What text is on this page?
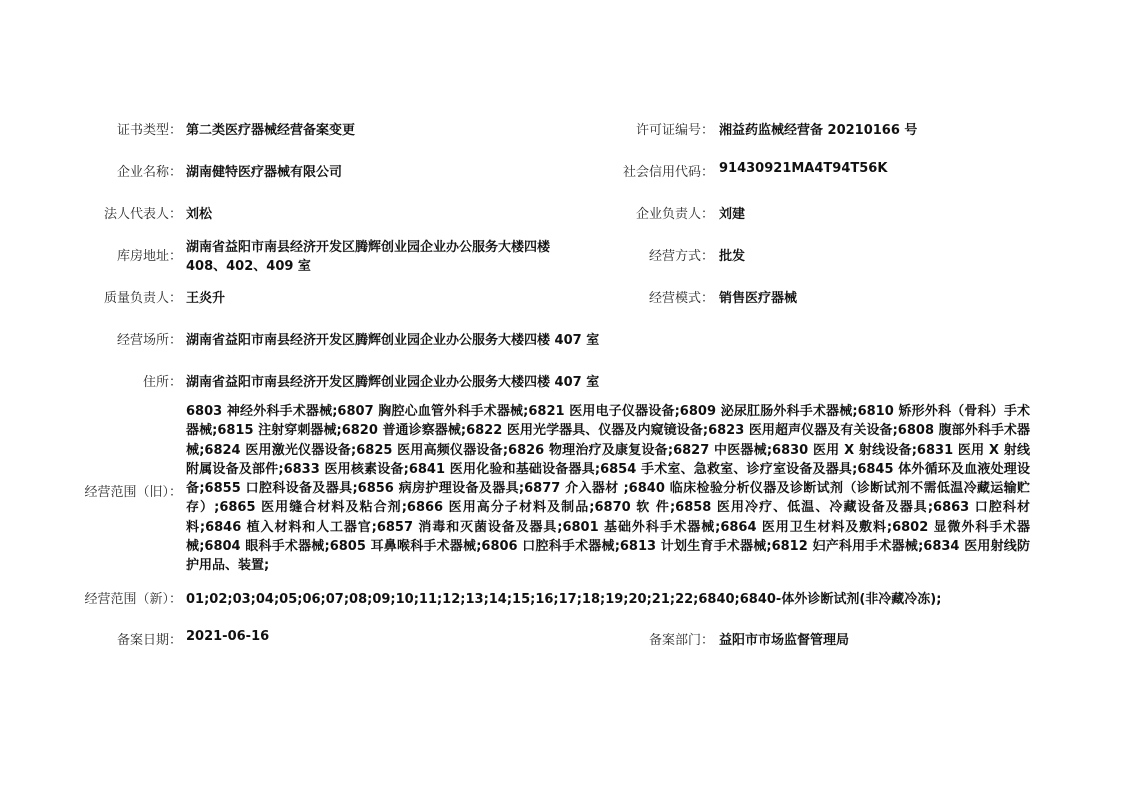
证书类型： 第二类医疗器械经营备案变更	许可证编号： 湘益药监械经营备 20210166 号
企业名称： 湖南健特医疗器械有限公司	社会信用代码： 91430921MA4T94T56K
法人代表人： 刘松	企业负责人： 刘建
库房地址：
湖南省益阳市南县经济开发区腾辉创业园企业办公服务大楼四楼
408、402、409 室
经营方式： 批发
质量负责人： 王炎升	经营模式： 销售医疗器械
经营场所： 湖南省益阳市南县经济开发区腾辉创业园企业办公服务大楼四楼 407 室
住所： 湖南省益阳市南县经济开发区腾辉创业园企业办公服务大楼四楼 407 室
经营范围（旧）：
6803 神经外科手术器械;6807 胸腔心血管外科手术器械;6821 医用电子仪器设备;6809 泌尿肛肠外科手术器械;6810 矫形外科（骨科）手术器械;6815 注射穿刺器械;6820 普通诊察器械;6822 医用光学器具、仪器及内窥镜设备;6823 医用超声仪器及有关设备;6808 腹部外科手术器械;6824 医用激光仪器设备;6825 医用高频仪器设备;6826 物理治疗及康复设备;6827 中医器械;6830 医用 X 射线设备;6831 医用 X 射线附属设备及部件;6833 医用核素设备;6841 医用化验和基础设备器具;6854 手术室、急救室、诊疗室设备及器具;6845 体外循环及血液处理设备;6855 口腔科设备及器具;6856 病房护理设备及器具;6877 介入器材 ;6840 临床检验分析仪器及诊断试剂（诊断试剂不需低温冷藏运输贮存）;6865 医用缝合材料及粘合剂;6866 医用高分子材料及制品;6870 软 件;6858 医用冷疗、低温、冷藏设备及器具;6863 口腔科材料;6846 植入材料和人工器官;6857 消毒和灭菌设备及器具;6801 基础外科手术器械;6864 医用卫生材料及敷料;6802 显微外科手术器械;6804 眼科手术器械;6805 耳鼻喉科手术器械;6806 口腔科手术器械;6813 计划生育手术器械;6812 妇产科用手术器械;6834 医用射线防护用品、装置;
经营范围（新）： 01;02;03;04;05;06;07;08;09;10;11;12;13;14;15;16;17;18;19;20;21;22;6840;6840-体外诊断试剂(非冷藏冷冻);
备案日期： 2021-06-16	备案部门： 益阳市市场监督管理局
